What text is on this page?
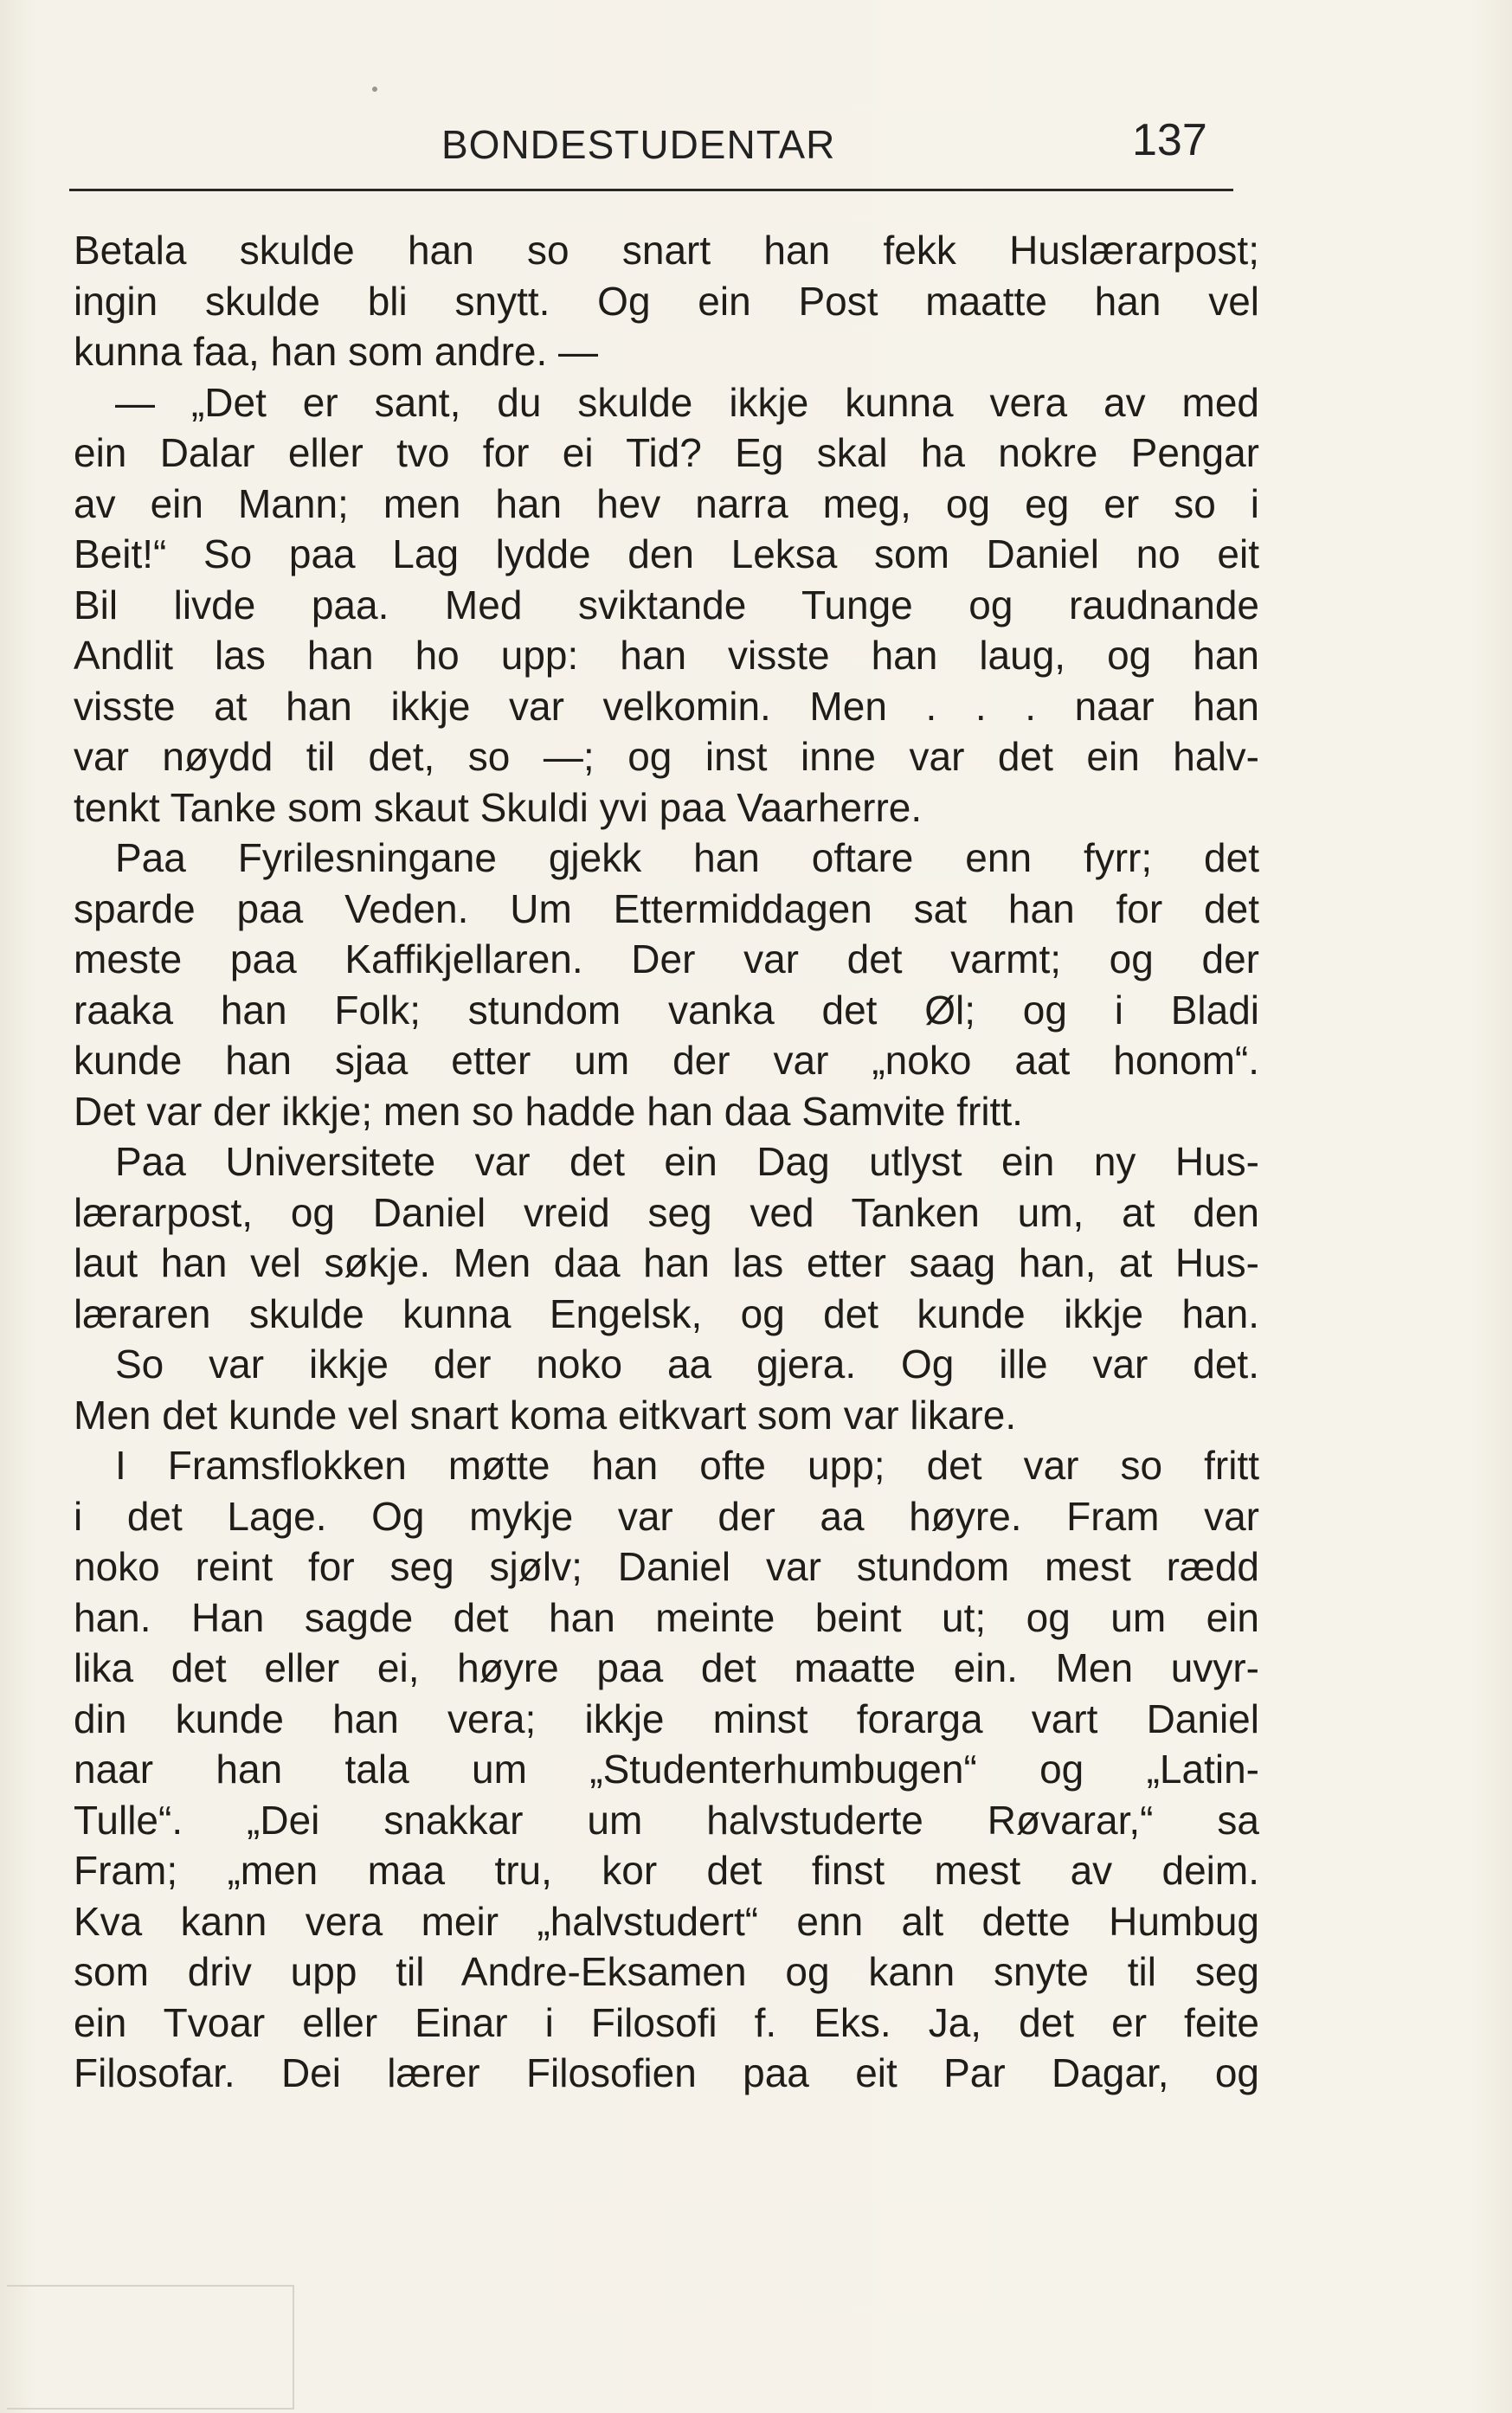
BONDESTUDENTAR	137
Betala skulde han so snart han fekk Huslærarpost;
ingin skulde bli snytt. Og ein Post maatte han vel
kunna faa, han som andre. —
— „Det er sant, du skulde ikkje kunna vera av med
ein Dalar eller tvo for ei Tid? Eg skal ha nokre Pengar
av ein Mann; men han hev narra meg, og eg er so i
Beit!“ So paa Lag lydde den Leksa som Daniel no eit
Bil livde paa. Med sviktande Tunge og raudnande
Andlit las han ho upp: han visste han laug, og han
visste at han ikkje var velkomin. Men . . . naar han
var nøydd til det, so —; og inst inne var det ein halv-
tenkt Tanke som skaut Skuldi yvi paa Vaarherre.
Paa Fyrilesningane gjekk han oftare enn fyrr; det
sparde paa Veden. Um Ettermiddagen sat han for det
meste paa Kaffikjellaren. Der var det varmt; og der
raaka han Folk; stundom vanka det Øl; og i Bladi
kunde han sjaa etter um der var „noko aat honom“.
Det var der ikkje; men so hadde han daa Samvite fritt.
Paa Universitete var det ein Dag utlyst ein ny Hus-
lærarpost, og Daniel vreid seg ved Tanken um, at den
laut han vel søkje. Men daa han las etter saag han, at Hus-
læraren skulde kunna Engelsk, og det kunde ikkje han.
So var ikkje der noko aa gjera. Og ille var det.
Men det kunde vel snart koma eitkvart som var likare.
I Framsflokken møtte han ofte upp; det var so fritt
i det Lage. Og mykje var der aa høyre. Fram var
noko reint for seg sjølv; Daniel var stundom mest rædd
han. Han sagde det han meinte beint ut; og um ein
lika det eller ei, høyre paa det maatte ein. Men uvyr-
din kunde han vera; ikkje minst forarga vart Daniel
naar han tala um „Studenterhumbugen“ og „Latin-
Tulle“. „Dei snakkar um halvstuderte Røvarar,“ sa
Fram; „men maa tru, kor det finst mest av deim.
Kva kann vera meir „halvstudert“ enn alt dette Humbug
som driv upp til Andre-Eksamen og kann snyte til seg
ein Tvoar eller Einar i Filosofi f. Eks. Ja, det er feite
Filosofar. Dei lærer Filosofien paa eit Par Dagar, og
